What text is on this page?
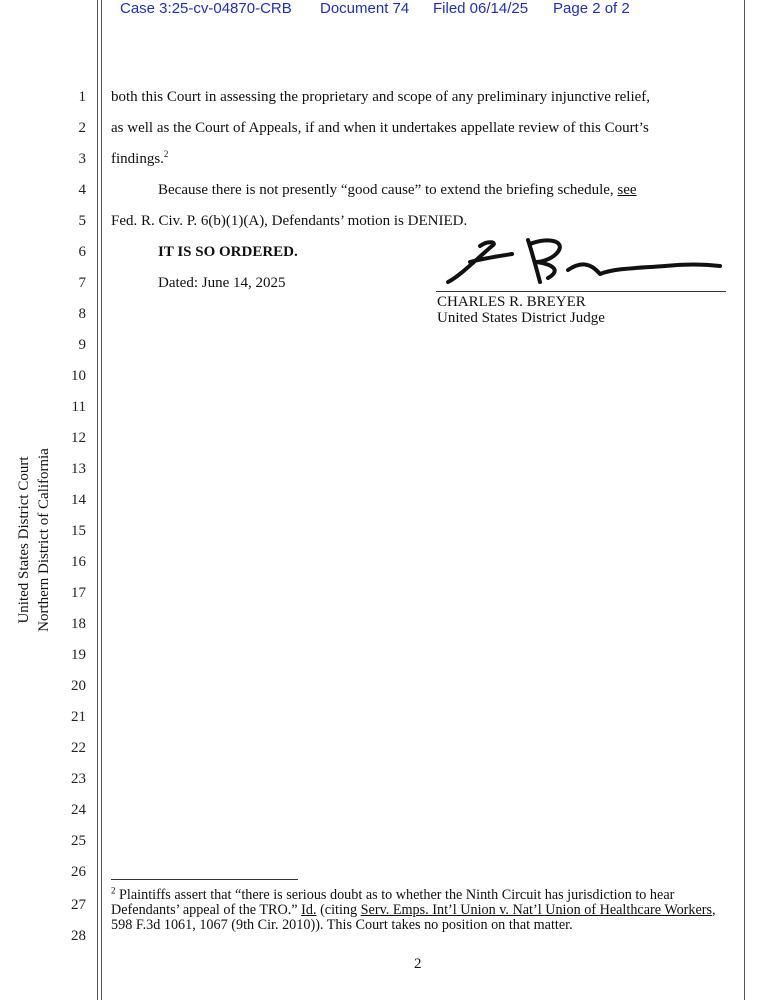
Case 3:25-cv-04870-CRB Document 74 Filed 06/14/25 Page 2 of 2
United States District Court Northern District of California
1
2
3
4
5
6
7
8
9
10
11
12
13
14
15
16
17
18
19
20
21
22
23
24
25
26
27
28
both this Court in assessing the proprietary and scope of any preliminary injunctive relief,
as well as the Court of Appeals, if and when it undertakes appellate review of this Court’s
findings.$^2$
Because there is not presently “good cause” to extend the briefing schedule, see
Fed. R. Civ. P. 6(b)(1)(A), Defendants’ motion is DENIED.
IT IS SO ORDERED.
Dated: June 14, 2025
CHARLES R. BREYER
United States District Judge
$^2$ Plaintiffs assert that “there is serious doubt as to whether the Ninth Circuit has jurisdiction to hear Defendants’ appeal of the TRO.” Id. (citing Serv. Emps. Int’l Union v. Nat’l Union of Healthcare Workers, 598 F.3d 1061, 1067 (9th Cir. 2010)). This Court takes no position on that matter.
2
